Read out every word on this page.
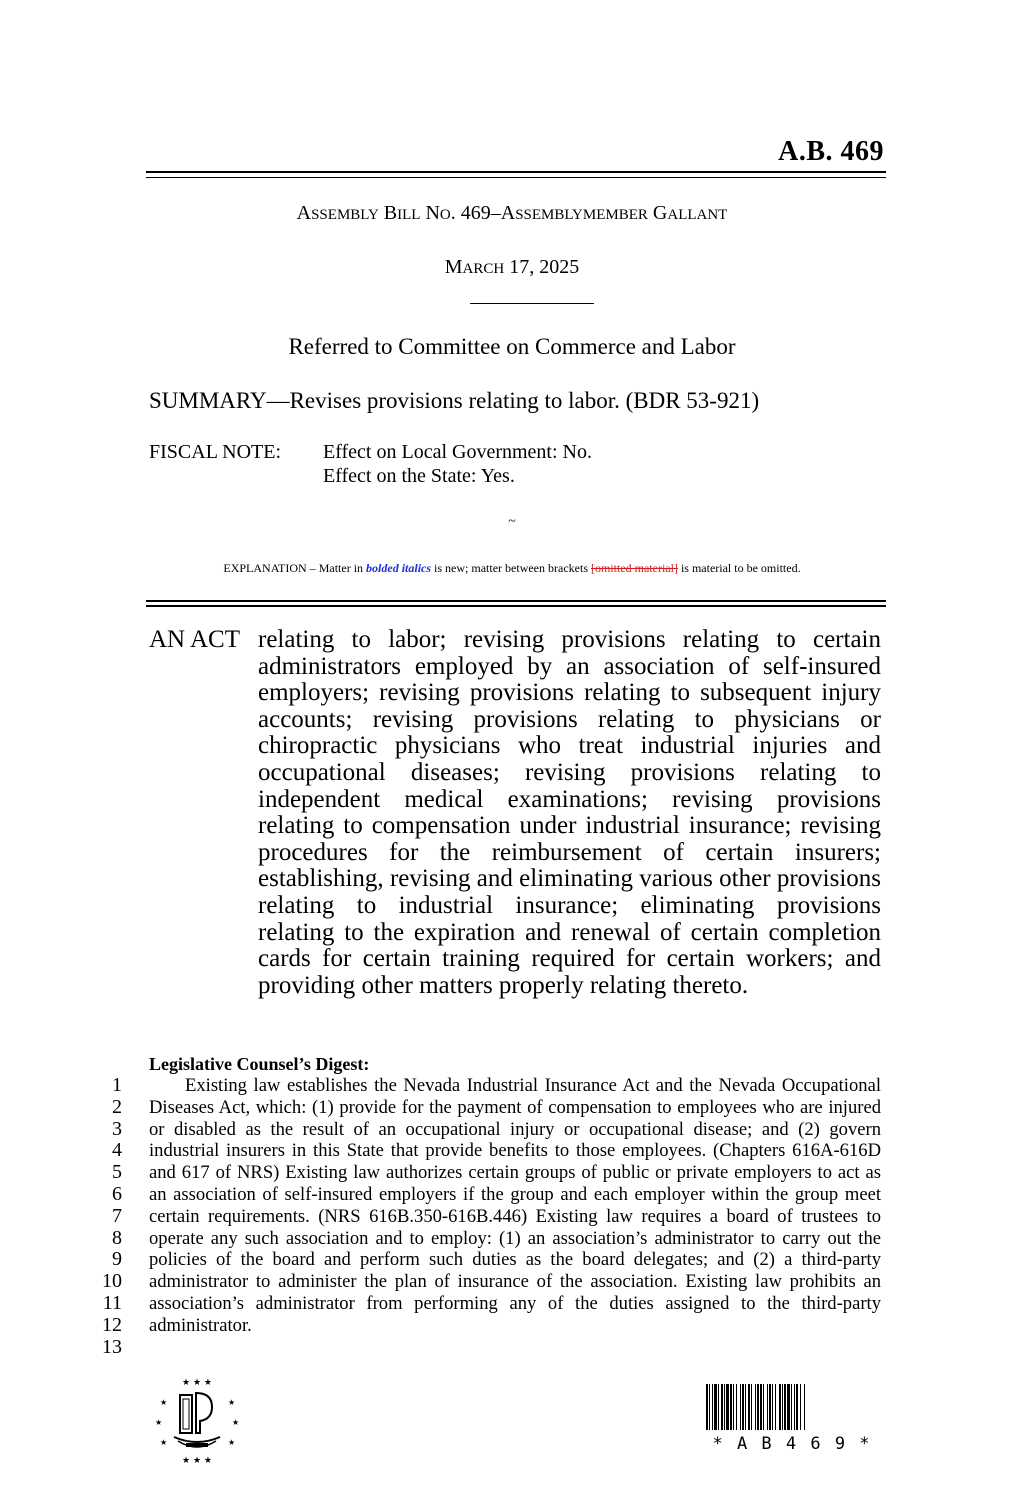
A.B. 469
ASSEMBLY BILL NO. 469–ASSEMBLYMEMBER GALLANT
MARCH 17, 2025
Referred to Committee on Commerce and Labor
SUMMARY—Revises provisions relating to labor. (BDR 53-921)
FISCAL NOTE: Effect on Local Government: No.
Effect on the State: Yes.
~
EXPLANATION – Matter in bolded italics is new; matter between brackets [omitted material] is material to be omitted.
AN ACT relating to labor; revising provisions relating to certain administrators employed by an association of self-insured employers; revising provisions relating to subsequent injury accounts; revising provisions relating to physicians or chiropractic physicians who treat industrial injuries and occupational diseases; revising provisions relating to independent medical examinations; revising provisions relating to compensation under industrial insurance; revising procedures for the reimbursement of certain insurers; establishing, revising and eliminating various other provisions relating to industrial insurance; eliminating provisions relating to the expiration and renewal of certain completion cards for certain training required for certain workers; and providing other matters properly relating thereto.
Legislative Counsel’s Digest:
1
2
3
4
5
6
7
8
9
10
11
12
13
Existing law establishes the Nevada Industrial Insurance Act and the Nevada Occupational Diseases Act, which: (1) provide for the payment of compensation to employees who are injured or disabled as the result of an occupational injury or occupational disease; and (2) govern industrial insurers in this State that provide benefits to those employees. (Chapters 616A-616D and 617 of NRS) Existing law authorizes certain groups of public or private employers to act as an association of self-insured employers if the group and each employer within the group meet certain requirements. (NRS 616B.350-616B.446) Existing law requires a board of trustees to operate any such association and to employ: (1) an association’s administrator to carry out the policies of the board and perform such duties as the board delegates; and (2) a third-party administrator to administer the plan of insurance of the association. Existing law prohibits an association’s administrator from performing any of the duties assigned to the third-party administrator.
★ ★ ★
★	★
★	★
★	★
★ ★ ★
* A B 4 6 9 *
